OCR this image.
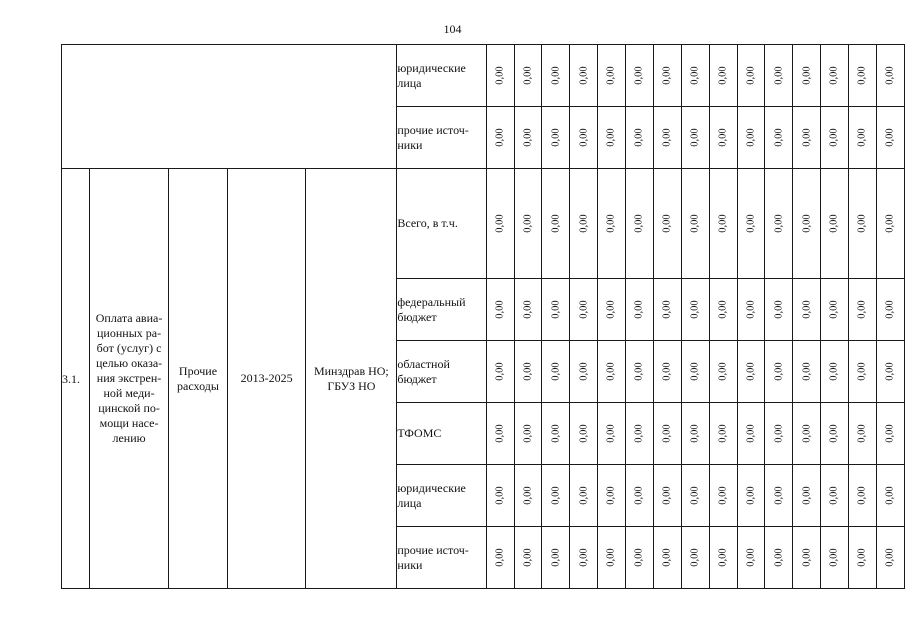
104

					юридические лица	0,00	0,00	0,00	0,00	0,00	0,00	0,00	0,00	0,00	0,00	0,00	0,00	0,00	0,00	0,00

					прочие источ-ники	0,00	0,00	0,00	0,00	0,00	0,00	0,00	0,00	0,00	0,00	0,00	0,00	0,00	0,00	0,00

3.1.	Оплата авиа-ционных ра-бот (услуг) с целью оказа-ния экстрен-ной меди-цинской по-мощи насе-лению	Прочие расходы	2013-2025	Минздрав НО; ГБУЗ НО	Всего, в т.ч.	0,00	0,00	0,00	0,00	0,00	0,00	0,00	0,00	0,00	0,00	0,00	0,00	0,00	0,00	0,00

					федеральный бюджет	0,00	0,00	0,00	0,00	0,00	0,00	0,00	0,00	0,00	0,00	0,00	0,00	0,00	0,00	0,00

					областной бюджет	0,00	0,00	0,00	0,00	0,00	0,00	0,00	0,00	0,00	0,00	0,00	0,00	0,00	0,00	0,00

					ТФОМС	0,00	0,00	0,00	0,00	0,00	0,00	0,00	0,00	0,00	0,00	0,00	0,00	0,00	0,00	0,00

					юридические лица	0,00	0,00	0,00	0,00	0,00	0,00	0,00	0,00	0,00	0,00	0,00	0,00	0,00	0,00	0,00

					прочие источ-ники	0,00	0,00	0,00	0,00	0,00	0,00	0,00	0,00	0,00	0,00	0,00	0,00	0,00	0,00	0,00
